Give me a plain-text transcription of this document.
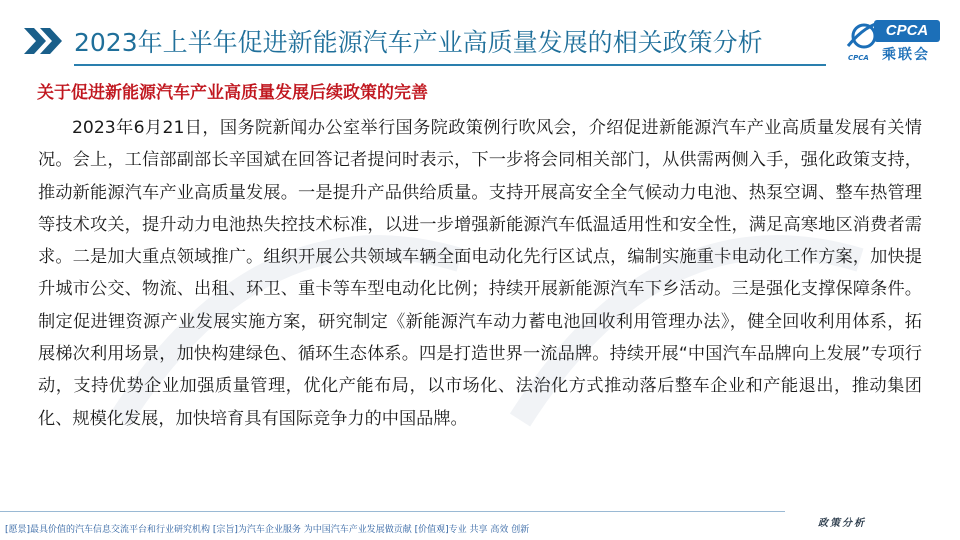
2023年上半年促进新能源汽车产业高质量发展的相关政策分析	CPCA
乘联会
CPCA
关于促进新能源汽车产业高质量发展后续政策的完善

2023年6月21日，国务院新闻办公室举行国务院政策例行吹风会，介绍促进新能源汽车产业高质量发展有关情况。会上，工信部副部长辛国斌在回答记者提问时表示，下一步将会同相关部门，从供需两侧入手，强化政策支持，推动新能源汽车产业高质量发展。一是提升产品供给质量。支持开展高安全全气候动力电池、热泵空调、整车热管理等技术攻关，提升动力电池热失控技术标准，以进一步增强新能源汽车低温适用性和安全性，满足高寒地区消费者需求。二是加大重点领域推广。组织开展公共领域车辆全面电动化先行区试点，编制实施重卡电动化工作方案，加快提升城市公交、物流、出租、环卫、重卡等车型电动化比例；持续开展新能源汽车下乡活动。三是强化支撑保障条件。制定促进锂资源产业发展实施方案，研究制定《新能源汽车动力蓄电池回收利用管理办法》，健全回收利用体系，拓展梯次利用场景，加快构建绿色、循环生态体系。四是打造世界一流品牌。持续开展“中国汽车品牌向上发展”专项行动，支持优势企业加强质量管理，优化产能布局，以市场化、法治化方式推动落后整车企业和产能退出，推动集团化、规模化发展，加快培育具有国际竞争力的中国品牌。

[愿景]最具价值的汽车信息交流平台和行业研究机构 [宗旨]为汽车企业服务 为中国汽车产业发展做贡献 [价值观]专业 共享 高效 创新
政策分析
